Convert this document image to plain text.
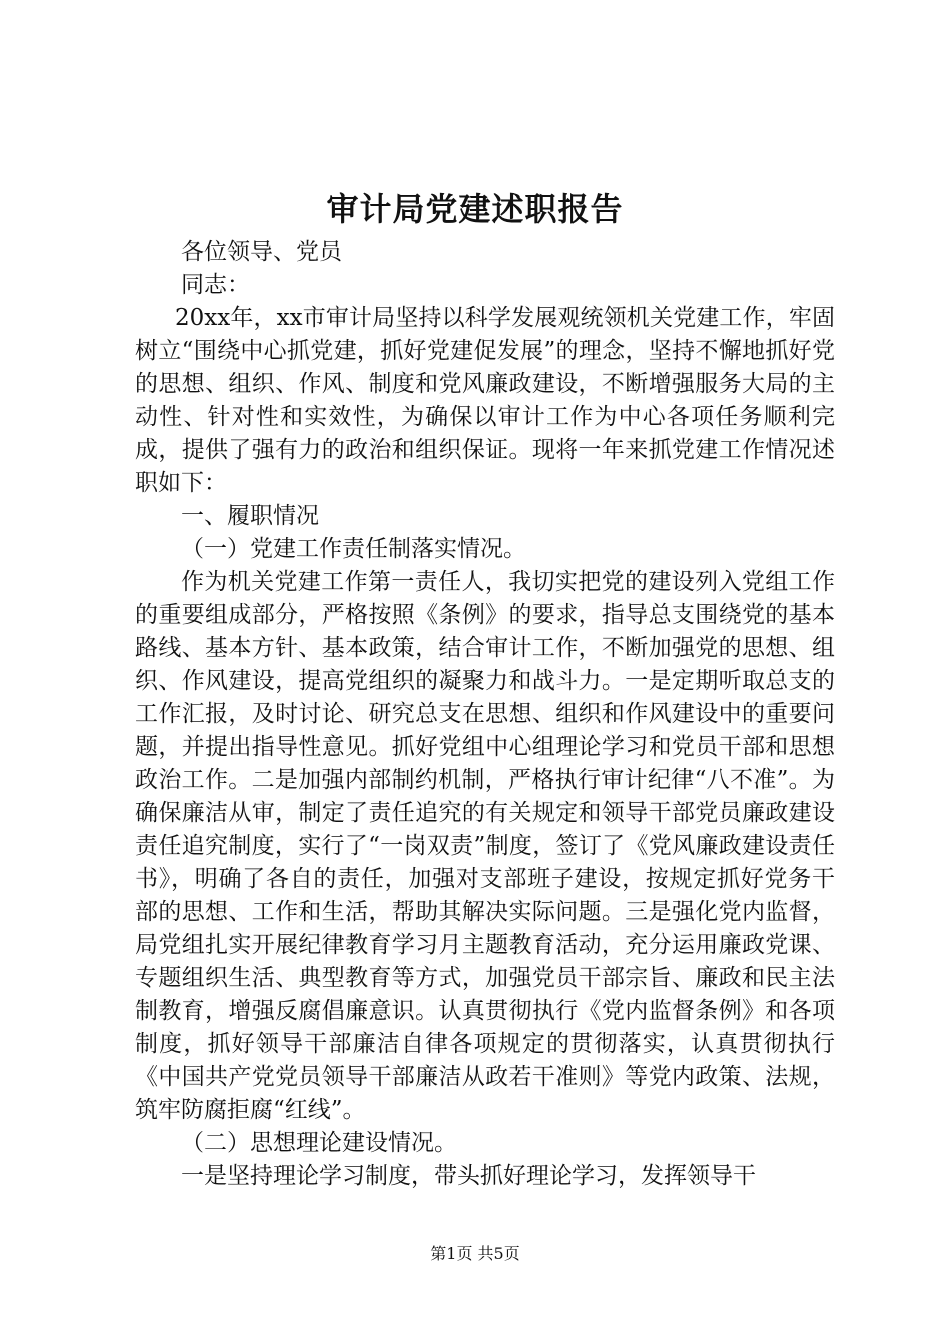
审计局党建述职报告

各位领导、党员

同志：

20xx年，xx市审计局坚持以科学发展观统领机关党建工作，牢固树立“围绕中心抓党建，抓好党建促发展”的理念，坚持不懈地抓好党的思想、组织、作风、制度和党风廉政建设，不断增强服务大局的主动性、针对性和实效性，为确保以审计工作为中心各项任务顺利完成，提供了强有力的政治和组织保证。现将一年来抓党建工作情况述职如下：

一、履职情况

（一）党建工作责任制落实情况。

作为机关党建工作第一责任人，我切实把党的建设列入党组工作的重要组成部分，严格按照《条例》的要求，指导总支围绕党的基本路线、基本方针、基本政策，结合审计工作，不断加强党的思想、组织、作风建设，提高党组织的凝聚力和战斗力。一是定期听取总支的工作汇报，及时讨论、研究总支在思想、组织和作风建设中的重要问题，并提出指导性意见。抓好党组中心组理论学习和党员干部和思想政治工作。二是加强内部制约机制，严格执行审计纪律“八不准”。为确保廉洁从审，制定了责任追究的有关规定和领导干部党员廉政建设责任追究制度，实行了“一岗双责”制度，签订了《党风廉政建设责任书》，明确了各自的责任，加强对支部班子建设，按规定抓好党务干部的思想、工作和生活，帮助其解决实际问题。三是强化党内监督，局党组扎实开展纪律教育学习月主题教育活动，充分运用廉政党课、专题组织生活、典型教育等方式，加强党员干部宗旨、廉政和民主法制教育，增强反腐倡廉意识。认真贯彻执行《党内监督条例》和各项制度，抓好领导干部廉洁自律各项规定的贯彻落实，认真贯彻执行《中国共产党党员领导干部廉洁从政若干准则》等党内政策、法规，筑牢防腐拒腐“红线”。

（二）思想理论建设情况。

一是坚持理论学习制度，带头抓好理论学习，发挥领导干

第1页 共5页
